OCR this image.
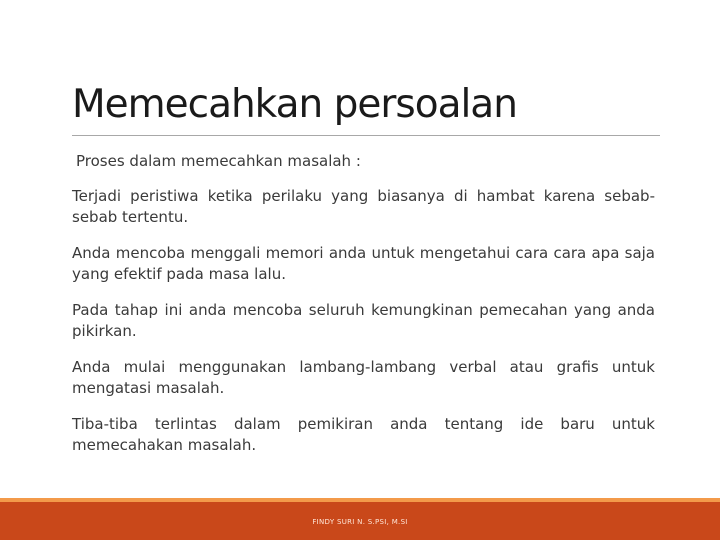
Memecahkan persoalan
Proses dalam memecahkan masalah :
Terjadi peristiwa ketika perilaku yang biasanya di hambat karena sebab-sebab tertentu.
Anda mencoba menggali memori anda untuk mengetahui cara cara apa saja yang efektif pada masa lalu.
Pada tahap ini anda mencoba seluruh kemungkinan pemecahan yang anda pikirkan.
Anda mulai menggunakan lambang-lambang verbal atau grafis untuk mengatasi masalah.
Tiba-tiba terlintas dalam pemikiran anda tentang ide baru untuk memecahakan masalah.
FINDY SURI N. S.PSI, M.SI
